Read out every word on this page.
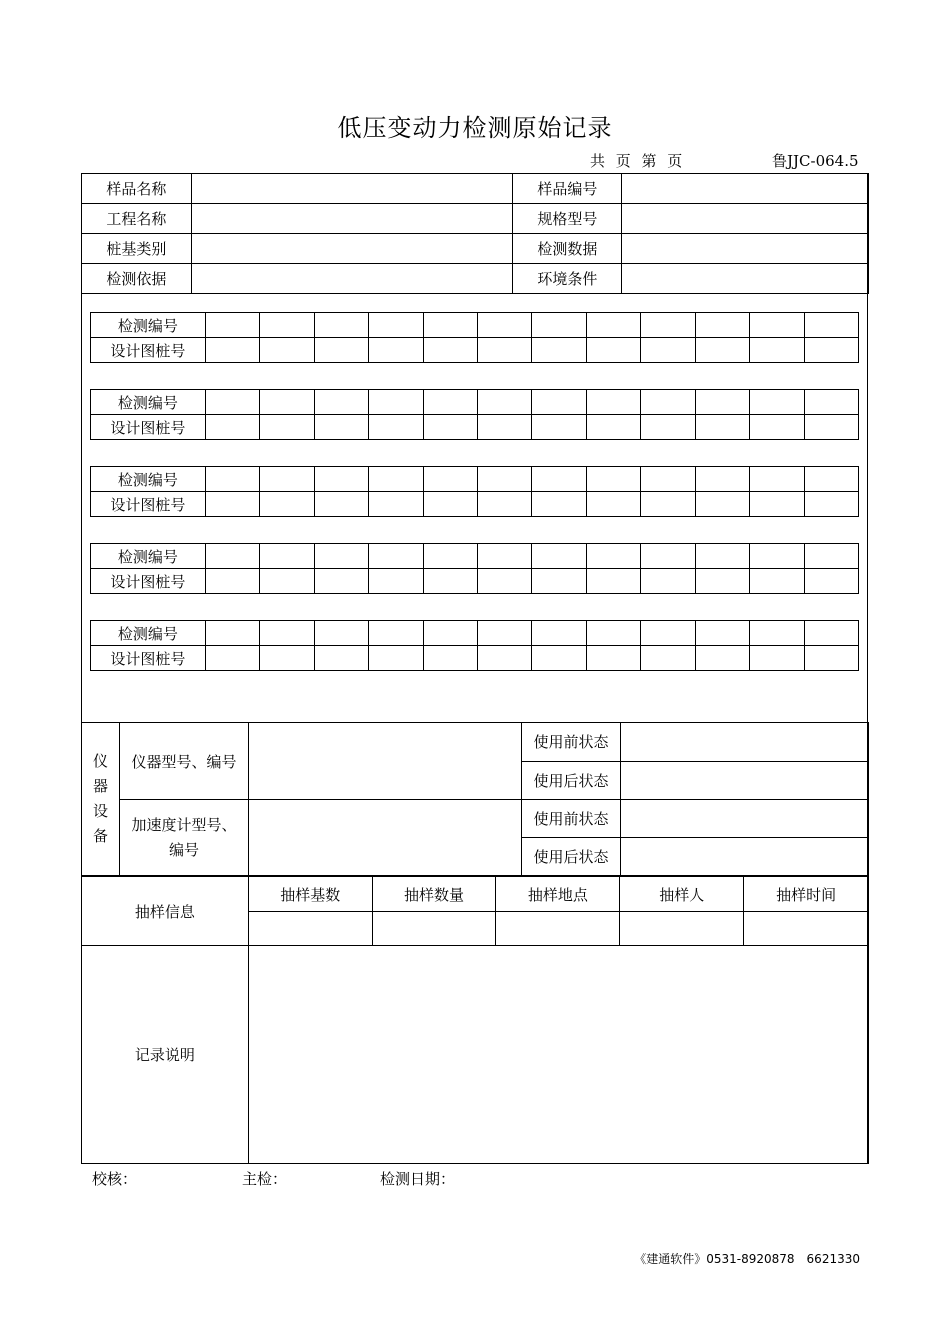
低压变动力检测原始记录
共 页 第 页	鲁JJC-064.5
样品名称		样品编号	
工程名称		规格型号	
桩基类别		检测数据	
检测依据		环境条件	
检测编号												
设计图桩号												
检测编号												
设计图桩号												
检测编号												
设计图桩号												
检测编号												
设计图桩号												
检测编号												
设计图桩号												
仪
器
设
备	仪器型号、编号		使用前状态	
			使用后状态	
	加速度计型号、编号		使用前状态	
			使用后状态	
抽样信息	抽样基数	抽样数量	抽样地点	抽样人	抽样时间

记录说明	
校核：	主检：	检测日期：
《建通软件》0531-8920878　6621330
